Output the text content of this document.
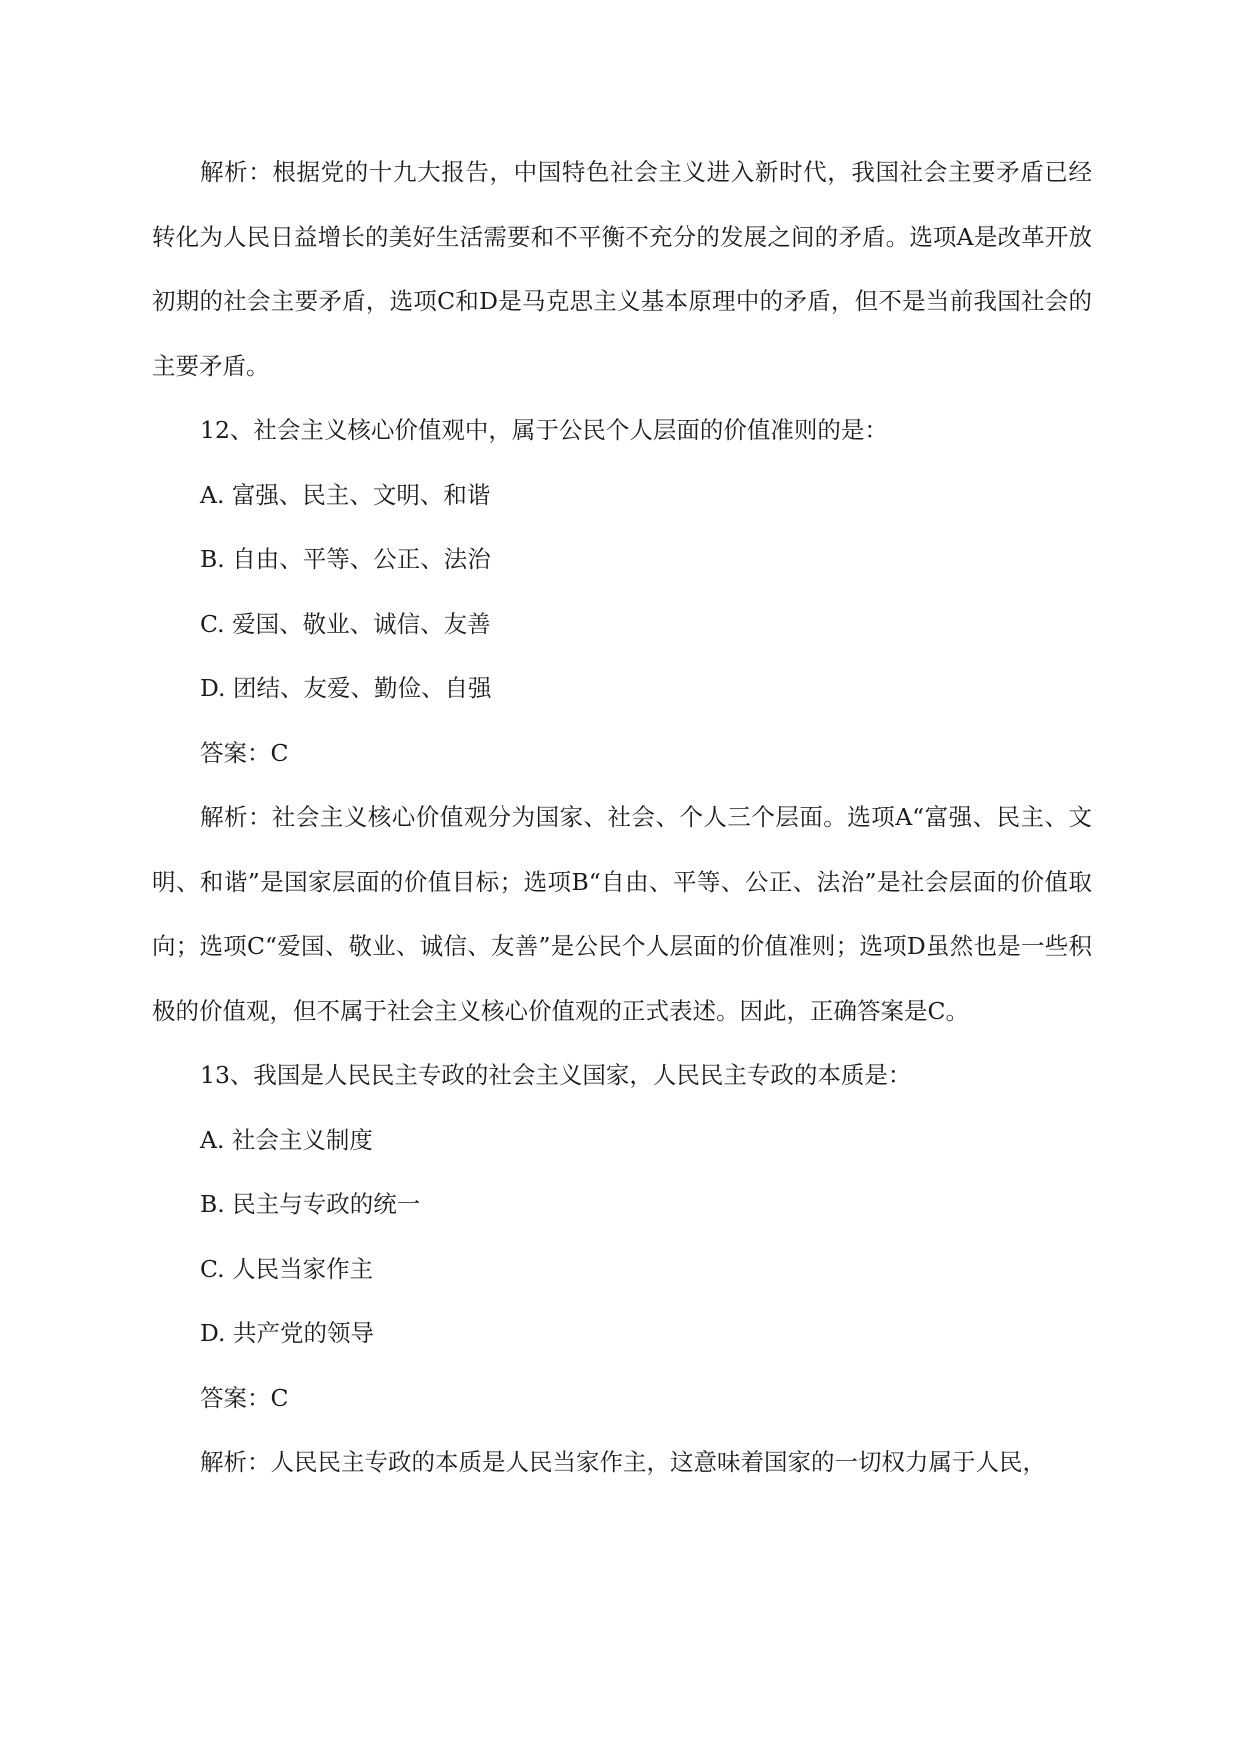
解析：根据党的十九大报告，中国特色社会主义进入新时代，我国社会主要矛盾已经转化为人民日益增长的美好生活需要和不平衡不充分的发展之间的矛盾。选项A是改革开放初期的社会主要矛盾，选项C和D是马克思主义基本原理中的矛盾，但不是当前我国社会的主要矛盾。

12、社会主义核心价值观中，属于公民个人层面的价值准则的是：

A. 富强、民主、文明、和谐

B. 自由、平等、公正、法治

C. 爱国、敬业、诚信、友善

D. 团结、友爱、勤俭、自强

答案：C

解析：社会主义核心价值观分为国家、社会、个人三个层面。选项A“富强、民主、文明、和谐”是国家层面的价值目标；选项B“自由、平等、公正、法治”是社会层面的价值取向；选项C“爱国、敬业、诚信、友善”是公民个人层面的价值准则；选项D虽然也是一些积极的价值观，但不属于社会主义核心价值观的正式表述。因此，正确答案是C。

13、我国是人民民主专政的社会主义国家，人民民主专政的本质是：

A. 社会主义制度

B. 民主与专政的统一

C. 人民当家作主

D. 共产党的领导

答案：C

解析：人民民主专政的本质是人民当家作主，这意味着国家的一切权力属于人民，
